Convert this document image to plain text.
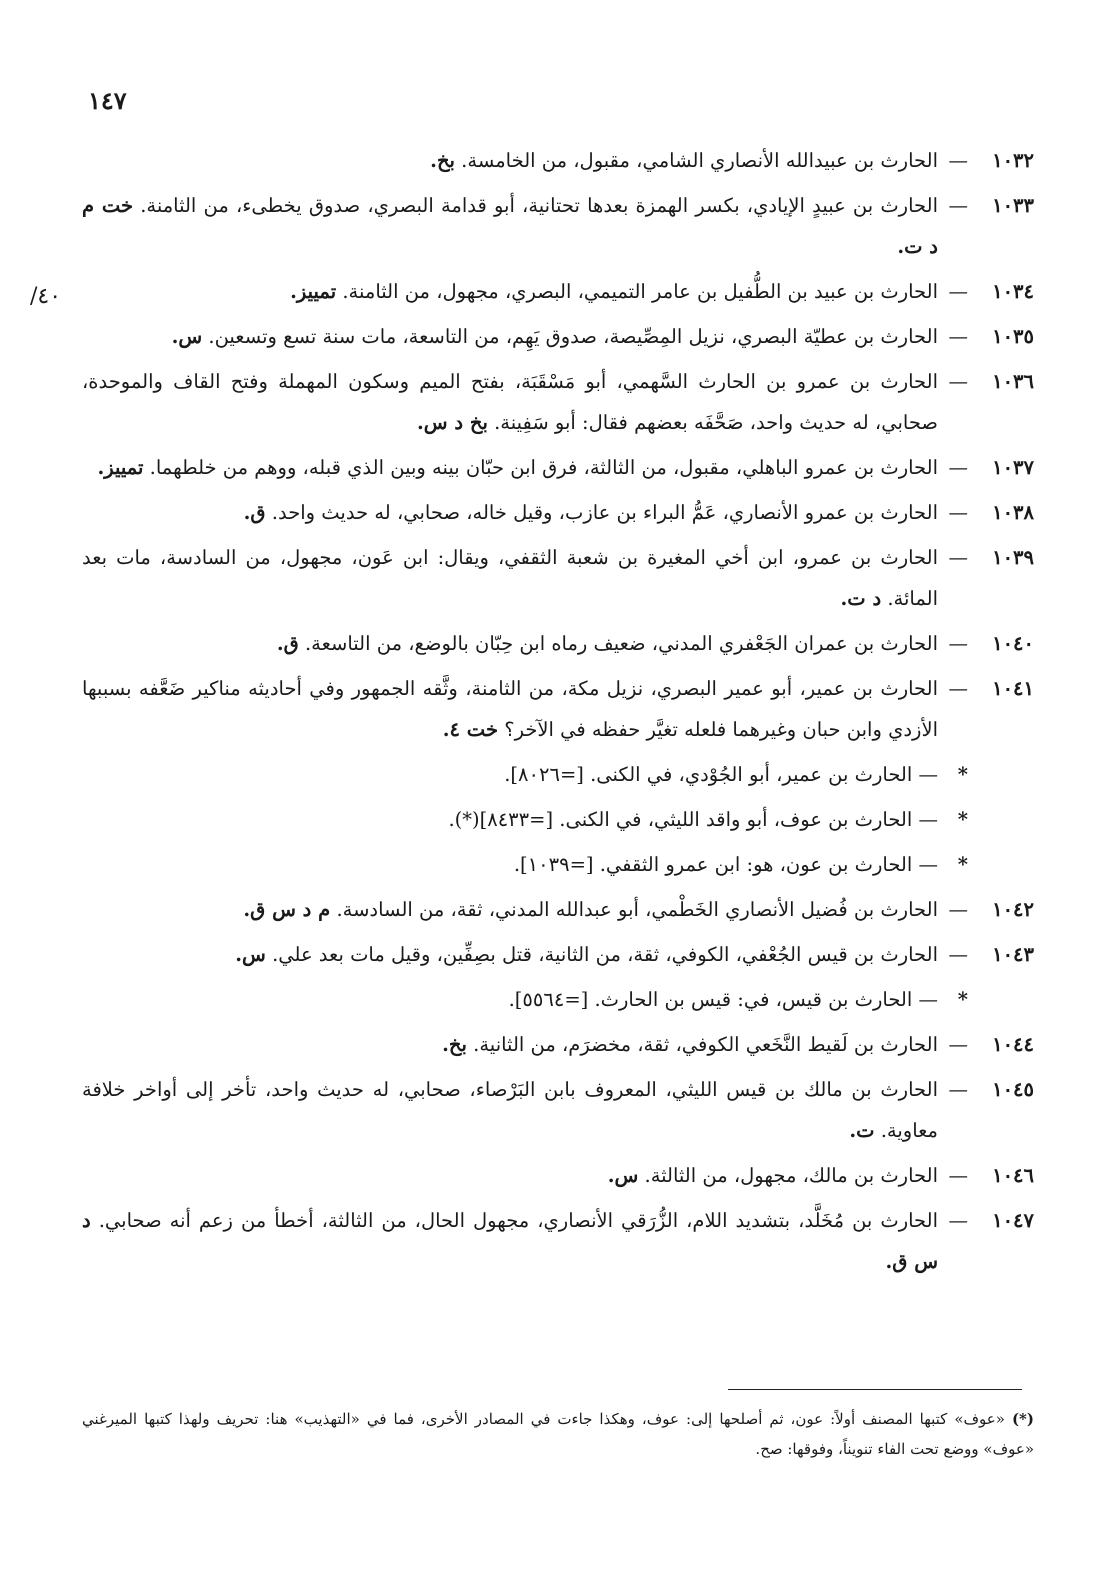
١٤٧
٤٠/
١٠٣٢—الحارث بن عبيدالله الأنصاري الشامي، مقبول، من الخامسة. بخ.
١٠٣٣—الحارث بن عبيدٍ الإيادي، بكسر الهمزة بعدها تحتانية، أبو قدامة البصري، صدوق يخطىء، من الثامنة. خت م د ت.
١٠٣٤—الحارث بن عبيد بن الطُّفيل بن عامر التميمي، البصري، مجهول، من الثامنة. تمييز.
١٠٣٥—الحارث بن عطيّة البصري، نزيل المِصِّيصة، صدوق يَهِم، من التاسعة، مات سنة تسع وتسعين. س.
١٠٣٦—الحارث بن عمرو بن الحارث السَّهمي، أبو مَسْقَبَة، بفتح الميم وسكون المهملة وفتح القاف والموحدة، صحابي، له حديث واحد، صَحَّفَه بعضهم فقال: أبو سَفِينة. بخ د س.
١٠٣٧—الحارث بن عمرو الباهلي، مقبول، من الثالثة، فرق ابن حبّان بينه وبين الذي قبله، ووهم من خلطهما. تمييز.
١٠٣٨—الحارث بن عمرو الأنصاري، عَمُّ البراء بن عازب، وقيل خاله، صحابي، له حديث واحد. ق.
١٠٣٩—الحارث بن عمرو، ابن أخي المغيرة بن شعبة الثقفي، ويقال: ابن عَون، مجهول، من السادسة، مات بعد المائة. د ت.
١٠٤٠—الحارث بن عمران الجَعْفري المدني، ضعيف رماه ابن حِبّان بالوضع، من التاسعة. ق.
١٠٤١—الحارث بن عمير، أبو عمير البصري، نزيل مكة، من الثامنة، وثَّقه الجمهور وفي أحاديثه مناكير ضَعَّفه بسببها الأزدي وابن حبان وغيرهما فلعله تغيَّر حفظه في الآخر؟ خت ٤.
*— الحارث بن عمير، أبو الجُوْدي، في الكنى. [=٨٠٢٦].
*— الحارث بن عوف، أبو واقد الليثي، في الكنى. [=٨٤٣٣](*).
*— الحارث بن عون، هو: ابن عمرو الثقفي. [=١٠٣٩].
١٠٤٢—الحارث بن فُضيل الأنصاري الخَطْمي، أبو عبدالله المدني، ثقة، من السادسة. م د س ق.
١٠٤٣—الحارث بن قيس الجُعْفي، الكوفي، ثقة، من الثانية، قتل بصِفِّين، وقيل مات بعد علي. س.
*— الحارث بن قيس، في: قيس بن الحارث. [=٥٥٦٤].
١٠٤٤—الحارث بن لَقيط النَّخَعي الكوفي، ثقة، مخضرَم، من الثانية. بخ.
١٠٤٥—الحارث بن مالك بن قيس الليثي، المعروف بابن البَرْصاء، صحابي، له حديث واحد، تأخر إلى أواخر خلافة معاوية. ت.
١٠٤٦—الحارث بن مالك، مجهول، من الثالثة. س.
١٠٤٧—الحارث بن مُخَلَّد، بتشديد اللام، الزُّرَقي الأنصاري، مجهول الحال، من الثالثة، أخطأ من زعم أنه صحابي. د س ق.
(*) «عوف» كتبها المصنف أولاً: عون، ثم أصلحها إلى: عوف، وهكذا جاءت في المصادر الأخرى، فما في «التهذيب» هنا: تحريف ولهذا كتبها الميرغني «عوف» ووضع تحت الفاء تنويناً، وفوقها: صح.
